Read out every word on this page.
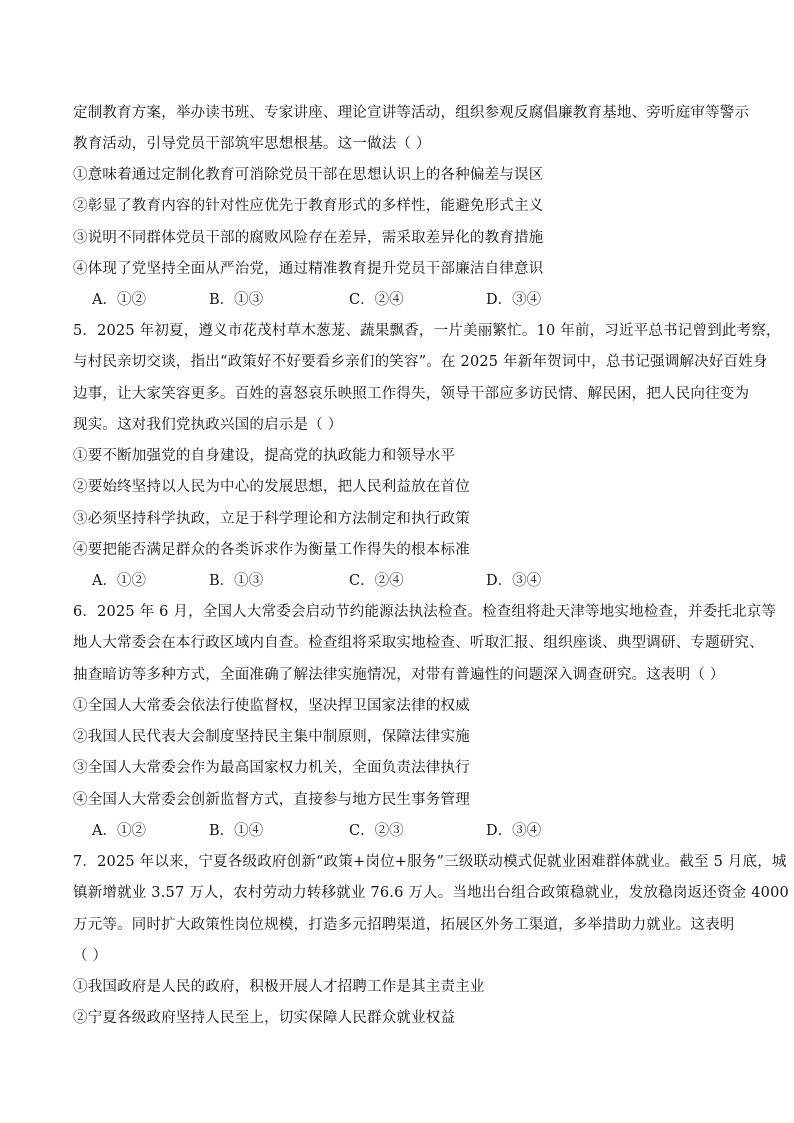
定制教育方案，举办读书班、专家讲座、理论宣讲等活动，组织参观反腐倡廉教育基地、旁听庭审等警示
教育活动，引导党员干部筑牢思想根基。这一做法（ ）
①意味着通过定制化教育可消除党员干部在思想认识上的各种偏差与误区
②彰显了教育内容的针对性应优先于教育形式的多样性，能避免形式主义
③说明不同群体党员干部的腐败风险存在差异，需采取差异化的教育措施
④体现了党坚持全面从严治党，通过精准教育提升党员干部廉洁自律意识
A．①②	B．①③	C．②④	D．③④
5．2025 年初夏，遵义市花茂村草木葱茏、蔬果飘香，一片美丽繁忙。10 年前，习近平总书记曾到此考察，
与村民亲切交谈，指出“政策好不好要看乡亲们的笑容”。在 2025 年新年贺词中，总书记强调解决好百姓身
边事，让大家笑容更多。百姓的喜怒哀乐映照工作得失，领导干部应多访民情、解民困，把人民向往变为
现实。这对我们党执政兴国的启示是（ ）
①要不断加强党的自身建设，提高党的执政能力和领导水平
②要始终坚持以人民为中心的发展思想，把人民利益放在首位
③必须坚持科学执政，立足于科学理论和方法制定和执行政策
④要把能否满足群众的各类诉求作为衡量工作得失的根本标准
A．①②	B．①③	C．②④	D．③④
6．2025 年 6 月，全国人大常委会启动节约能源法执法检查。检查组将赴天津等地实地检查，并委托北京等
地人大常委会在本行政区域内自查。检查组将采取实地检查、听取汇报、组织座谈、典型调研、专题研究、
抽查暗访等多种方式，全面准确了解法律实施情况，对带有普遍性的问题深入调查研究。这表明（ ）
①全国人大常委会依法行使监督权，坚决捍卫国家法律的权威
②我国人民代表大会制度坚持民主集中制原则，保障法律实施
③全国人大常委会作为最高国家权力机关，全面负责法律执行
④全国人大常委会创新监督方式，直接参与地方民生事务管理
A．①②	B．①④	C．②③	D．③④
7．2025 年以来，宁夏各级政府创新“政策+岗位+服务”三级联动模式促就业困难群体就业。截至 5 月底，城
镇新增就业 3.57 万人，农村劳动力转移就业 76.6 万人。当地出台组合政策稳就业，发放稳岗返还资金 4000
万元等。同时扩大政策性岗位规模，打造多元招聘渠道，拓展区外务工渠道，多举措助力就业。这表明
（ ）
①我国政府是人民的政府，积极开展人才招聘工作是其主责主业
②宁夏各级政府坚持人民至上，切实保障人民群众就业权益
